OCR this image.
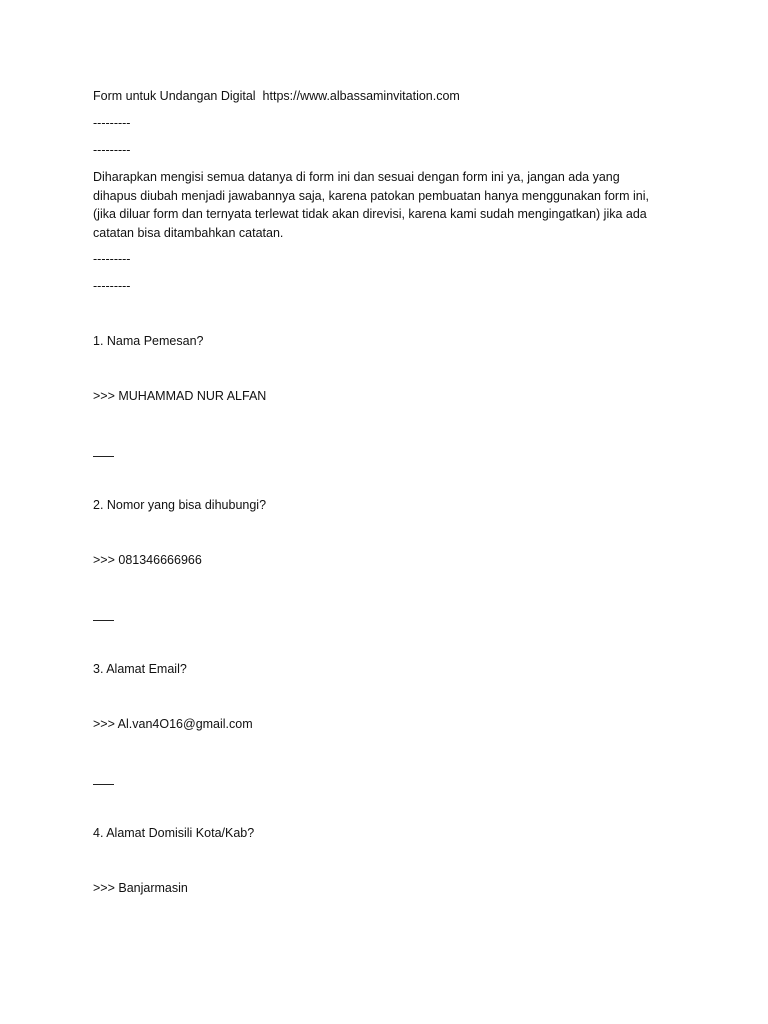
Form untuk Undangan Digital https://www.albassaminvitation.com
---------
---------
Diharapkan mengisi semua datanya di form ini dan sesuai dengan form ini ya, jangan ada yang
dihapus diubah menjadi jawabannya saja, karena patokan pembuatan hanya menggunakan form ini,
(jika diluar form dan ternyata terlewat tidak akan direvisi, karena kami sudah mengingatkan) jika ada
catatan bisa ditambahkan catatan.
---------
---------
1. Nama Pemesan?
>>> MUHAMMAD NUR ALFAN
2. Nomor yang bisa dihubungi?
>>> 081346666966
3. Alamat Email?
>>> Al.van4O16@gmail.com
4. Alamat Domisili Kota/Kab?
>>> Banjarmasin
